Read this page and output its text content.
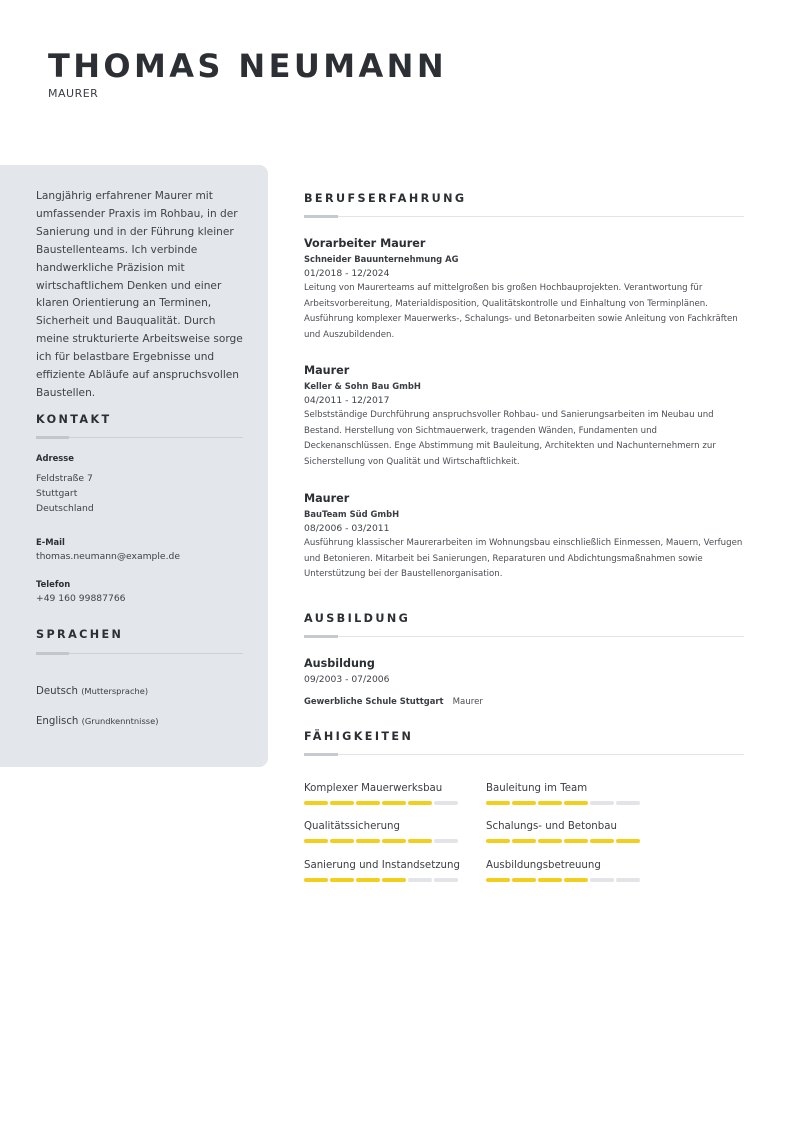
THOMAS NEUMANN
MAURER

Langjährig erfahrener Maurer mit umfassender Praxis im Rohbau, in der Sanierung und in der Führung kleiner Baustellenteams. Ich verbinde handwerkliche Präzision mit wirtschaftlichem Denken und einer klaren Orientierung an Terminen, Sicherheit und Bauqualität. Durch meine strukturierte Arbeitsweise sorge ich für belastbare Ergebnisse und effiziente Abläufe auf anspruchsvollen Baustellen.

KONTAKT
Adresse
Feldstraße 7
Stuttgart
Deutschland
E-Mail
thomas.neumann@example.de
Telefon
+49 160 99887766
SPRACHEN
Deutsch (Muttersprache)
Englisch (Grundkenntnisse)
BERUFSERFAHRUNG
Vorarbeiter Maurer
Schneider Bauunternehmung AG
01/2018 - 12/2024
Leitung von Maurerteams auf mittelgroßen bis großen Hochbauprojekten. Verantwortung für Arbeitsvorbereitung, Materialdisposition, Qualitätskontrolle und Einhaltung von Terminplänen. Ausführung komplexer Mauerwerks-, Schalungs- und Betonarbeiten sowie Anleitung von Fachkräften und Auszubildenden.
Maurer
Keller & Sohn Bau GmbH
04/2011 - 12/2017
Selbstständige Durchführung anspruchsvoller Rohbau- und Sanierungsarbeiten im Neubau und Bestand. Herstellung von Sichtmauerwerk, tragenden Wänden, Fundamenten und Deckenanschlüssen. Enge Abstimmung mit Bauleitung, Architekten und Nachunternehmern zur Sicherstellung von Qualität und Wirtschaftlichkeit.
Maurer
BauTeam Süd GmbH
08/2006 - 03/2011
Ausführung klassischer Maurerarbeiten im Wohnungsbau einschließlich Einmessen, Mauern, Verfugen und Betonieren. Mitarbeit bei Sanierungen, Reparaturen und Abdichtungsmaßnahmen sowie Unterstützung bei der Baustellenorganisation.
AUSBILDUNG
Ausbildung
09/2003 - 07/2006
Gewerbliche Schule Stuttgart Maurer
FÄHIGKEITEN
Komplexer Mauerwerksbau	Bauleitung im Team
Qualitätssicherung	Schalungs- und Betonbau
Sanierung und Instandsetzung	Ausbildungsbetreuung
